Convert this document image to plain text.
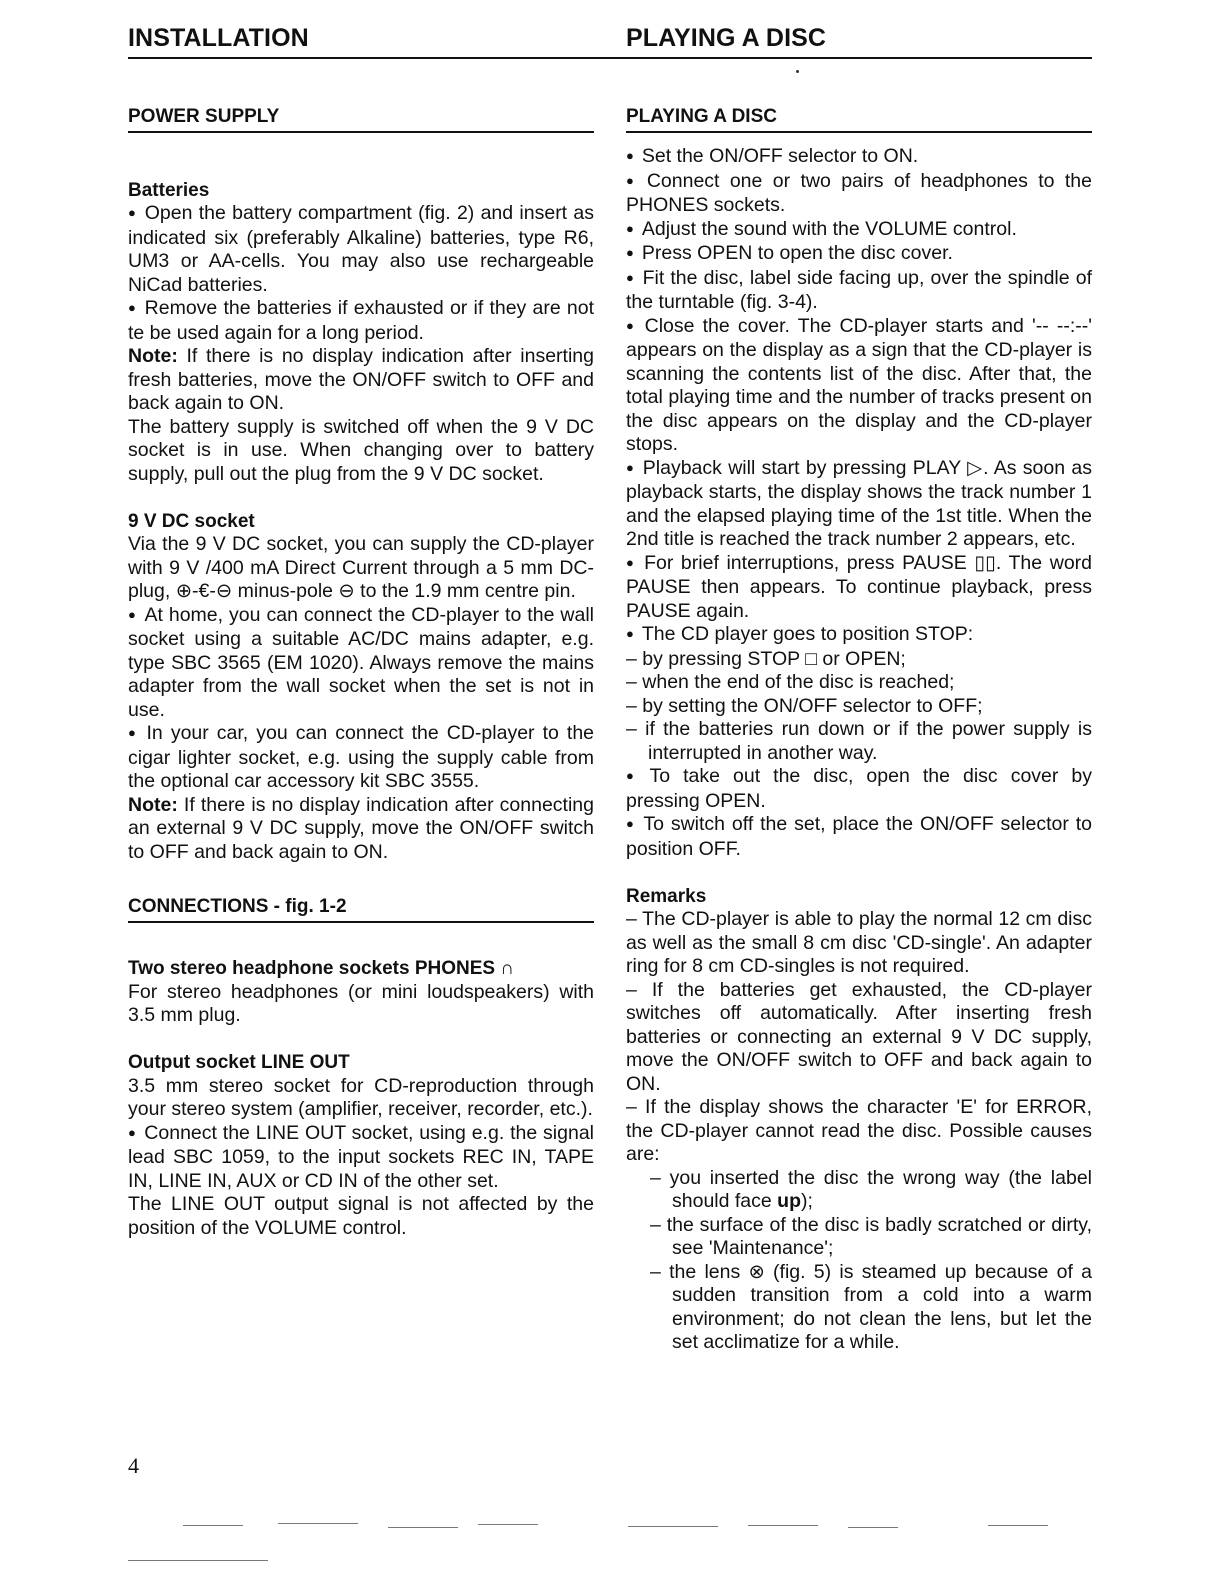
INSTALLATION	PLAYING A DISC
POWER SUPPLY
Batteries

● Open the battery compartment (fig. 2) and insert as indicated six (preferably Alkaline) batteries, type R6, UM3 or AA-cells. You may also use rechargeable NiCad batteries.

● Remove the batteries if exhausted or if they are not te be used again for a long period.

Note: If there is no display indication after inserting fresh batteries, move the ON/OFF switch to OFF and back again to ON.

The battery supply is switched off when the 9 V DC socket is in use. When changing over to battery supply, pull out the plug from the 9 V DC socket.

9 V DC socket

Via the 9 V DC socket, you can supply the CD-player with 9 V /400 mA Direct Current through a 5 mm DC-plug, ⊕-€-⊖ minus-pole ⊖ to the 1.9 mm centre pin.

● At home, you can connect the CD-player to the wall socket using a suitable AC/DC mains adapter, e.g. type SBC 3565 (EM 1020). Always remove the mains adapter from the wall socket when the set is not in use.

● In your car, you can connect the CD-player to the cigar lighter socket, e.g. using the supply cable from the optional car accessory kit SBC 3555.

Note: If there is no display indication after connecting an external 9 V DC supply, move the ON/OFF switch to OFF and back again to ON.

CONNECTIONS - fig. 1-2
Two stereo headphone sockets PHONES ∩

For stereo headphones (or mini loudspeakers) with 3.5 mm plug.

Output socket LINE OUT

3.5 mm stereo socket for CD-reproduction through your stereo system (amplifier, receiver, recorder, etc.).

● Connect the LINE OUT socket, using e.g. the signal lead SBC 1059, to the input sockets REC IN, TAPE IN, LINE IN, AUX or CD IN of the other set.

The LINE OUT output signal is not affected by the position of the VOLUME control.

PLAYING A DISC

● Set the ON/OFF selector to ON.

● Connect one or two pairs of headphones to the PHONES sockets.

● Adjust the sound with the VOLUME control.

● Press OPEN to open the disc cover.

● Fit the disc, label side facing up, over the spindle of the turntable (fig. 3-4).

● Close the cover. The CD-player starts and '-- --:--' appears on the display as a sign that the CD-player is scanning the contents list of the disc. After that, the total playing time and the number of tracks present on the disc appears on the display and the CD-player stops.

● Playback will start by pressing PLAY ▷. As soon as playback starts, the display shows the track number 1 and the elapsed playing time of the 1st title. When the 2nd title is reached the track number 2 appears, etc.

● For brief interruptions, press PAUSE ▯▯. The word PAUSE then appears. To continue playback, press PAUSE again.

● The CD player goes to position STOP:

– by pressing STOP □ or OPEN;

– when the end of the disc is reached;

– by setting the ON/OFF selector to OFF;

– if the batteries run down or if the power supply is interrupted in another way.

● To take out the disc, open the disc cover by pressing OPEN.

● To switch off the set, place the ON/OFF selector to position OFF.

Remarks

– The CD-player is able to play the normal 12 cm disc as well as the small 8 cm disc 'CD-single'. An adapter ring for 8 cm CD-singles is not required.

– If the batteries get exhausted, the CD-player switches off automatically. After inserting fresh batteries or connecting an external 9 V DC supply, move the ON/OFF switch to OFF and back again to ON.

– If the display shows the character 'E' for ERROR, the CD-player cannot read the disc. Possible causes are:

– you inserted the disc the wrong way (the label should face up);

– the surface of the disc is badly scratched or dirty, see 'Maintenance';

– the lens ⊗ (fig. 5) is steamed up because of a sudden transition from a cold into a warm environment; do not clean the lens, but let the set acclimatize for a while.

4
